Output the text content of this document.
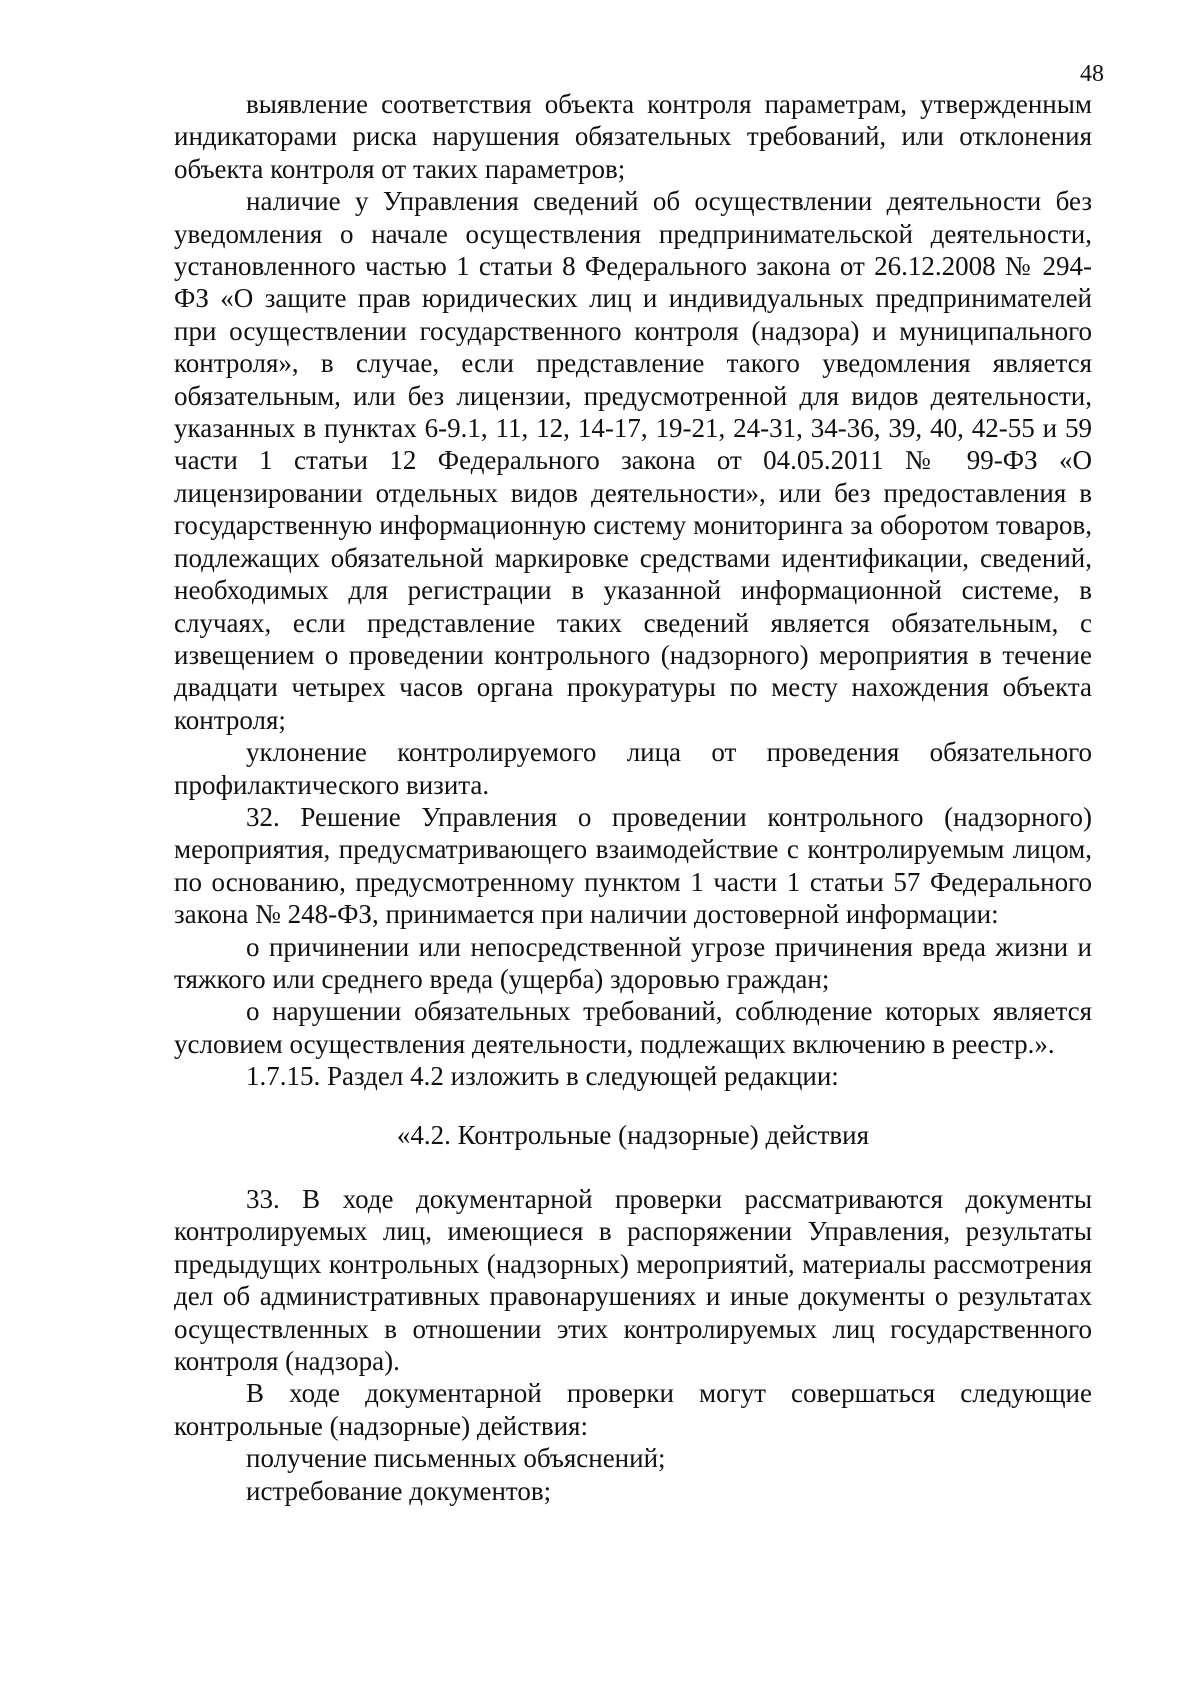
48

выявление соответствия объекта контроля параметрам, утвержденным индикаторами риска нарушения обязательных требований, или отклонения объекта контроля от таких параметров;

наличие у Управления сведений об осуществлении деятельности без уведомления о начале осуществления предпринимательской деятельности, установленного частью 1 статьи 8 Федерального закона от 26.12.2008 № 294-ФЗ «О защите прав юридических лиц и индивидуальных предпринимателей при осуществлении государственного контроля (надзора) и муниципального контроля», в случае, если представление такого уведомления является обязательным, или без лицензии, предусмотренной для видов деятельности, указанных в пунктах 6-9.1, 11, 12, 14-17, 19-21, 24-31, 34-36, 39, 40, 42-55 и 59 части 1 статьи 12 Федерального закона от 04.05.2011 № 99-ФЗ «О лицензировании отдельных видов деятельности», или без предоставления в государственную информационную систему мониторинга за оборотом товаров, подлежащих обязательной маркировке средствами идентификации, сведений, необходимых для регистрации в указанной информационной системе, в случаях, если представление таких сведений является обязательным, с извещением о проведении контрольного (надзорного) мероприятия в течение двадцати четырех часов органа прокуратуры по месту нахождения объекта контроля;

уклонение контролируемого лица от проведения обязательного профилактического визита.

32. Решение Управления о проведении контрольного (надзорного) мероприятия, предусматривающего взаимодействие с контролируемым лицом, по основанию, предусмотренному пунктом 1 части 1 статьи 57 Федерального закона № 248-ФЗ, принимается при наличии достоверной информации:

о причинении или непосредственной угрозе причинения вреда жизни и тяжкого или среднего вреда (ущерба) здоровью граждан;

о нарушении обязательных требований, соблюдение которых является условием осуществления деятельности, подлежащих включению в реестр.».

1.7.15. Раздел 4.2 изложить в следующей редакции:

«4.2. Контрольные (надзорные) действия

33. В ходе документарной проверки рассматриваются документы контролируемых лиц, имеющиеся в распоряжении Управления, результаты предыдущих контрольных (надзорных) мероприятий, материалы рассмотрения дел об административных правонарушениях и иные документы о результатах осуществленных в отношении этих контролируемых лиц государственного контроля (надзора).

В ходе документарной проверки могут совершаться следующие контрольные (надзорные) действия:

получение письменных объяснений;

истребование документов;
